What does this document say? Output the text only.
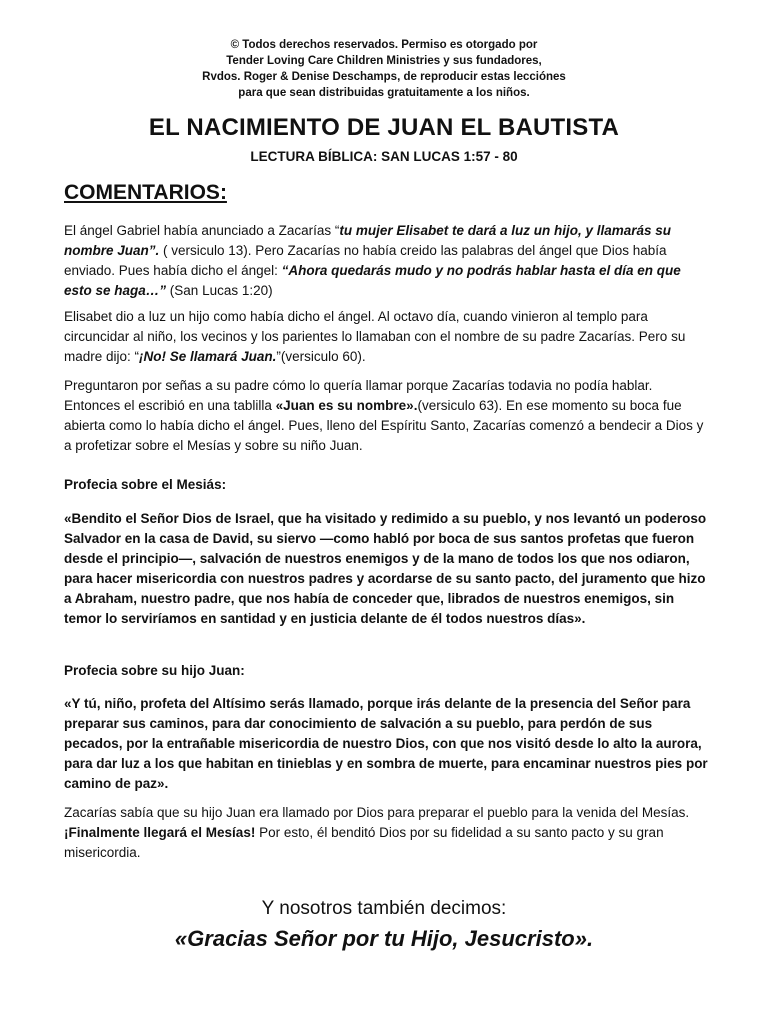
© Todos derechos reservados. Permiso es otorgado por
Tender Loving Care Children Ministries y sus fundadores,
Rvdos. Roger & Denise Deschamps, de reproducir estas lecciónes
para que sean distribuidas gratuitamente a los niños.
EL NACIMIENTO DE JUAN EL BAUTISTA
LECTURA BÍBLICA: SAN LUCAS 1:57 - 80
COMENTARIOS:
El ángel Gabriel había anunciado a Zacarías “tu mujer Elisabet te dará a luz un hijo, y llamarás su nombre Juan”. ( versiculo 13). Pero Zacarías no había creido las palabras del ángel que Dios había enviado. Pues había dicho el ángel: “Ahora quedarás mudo y no podrás hablar hasta el día en que esto se haga…” (San Lucas 1:20)
Elisabet dio a luz un hijo como había dicho el ángel. Al octavo día, cuando vinieron al templo para circuncidar al niño, los vecinos y los parientes lo llamaban con el nombre de su padre Zacarías. Pero su madre dijo: “¡No! Se llamará Juan.”(versiculo 60).
Preguntaron por señas a su padre cómo lo quería llamar porque Zacarías todavia no podía hablar. Entonces el escribió en una tablilla «Juan es su nombre».(versiculo 63). En ese momento su boca fue abierta como lo había dicho el ángel. Pues, lleno del Espíritu Santo, Zacarías comenzó a bendecir a Dios y a profetizar sobre el Mesías y sobre su niño Juan.
Profecia sobre el Mesiás:
«Bendito el Señor Dios de Israel, que ha visitado y redimido a su pueblo, y nos levantó un poderoso Salvador en la casa de David, su siervo —como habló por boca de sus santos profetas que fueron desde el principio—, salvación de nuestros enemigos y de la mano de todos los que nos odiaron, para hacer misericordia con nuestros padres y acordarse de su santo pacto, del juramento que hizo a Abraham, nuestro padre, que nos había de conceder que, librados de nuestros enemigos, sin temor lo serviríamos en santidad y en justicia delante de él todos nuestros días».
Profecia sobre su hijo Juan:
«Y tú, niño, profeta del Altísimo serás llamado, porque irás delante de la presencia del Señor para preparar sus caminos, para dar conocimiento de salvación a su pueblo, para perdón de sus pecados, por la entrañable misericordia de nuestro Dios, con que nos visitó desde lo alto la aurora, para dar luz a los que habitan en tinieblas y en sombra de muerte, para encaminar nuestros pies por camino de paz».
Zacarías sabía que su hijo Juan era llamado por Dios para preparar el pueblo para la venida del Mesías. ¡Finalmente llegará el Mesías! Por esto, él benditó Dios por su fidelidad a su santo pacto y su gran misericordia.
Y nosotros también decimos:
«Gracias Señor por tu Hijo, Jesucristo».
